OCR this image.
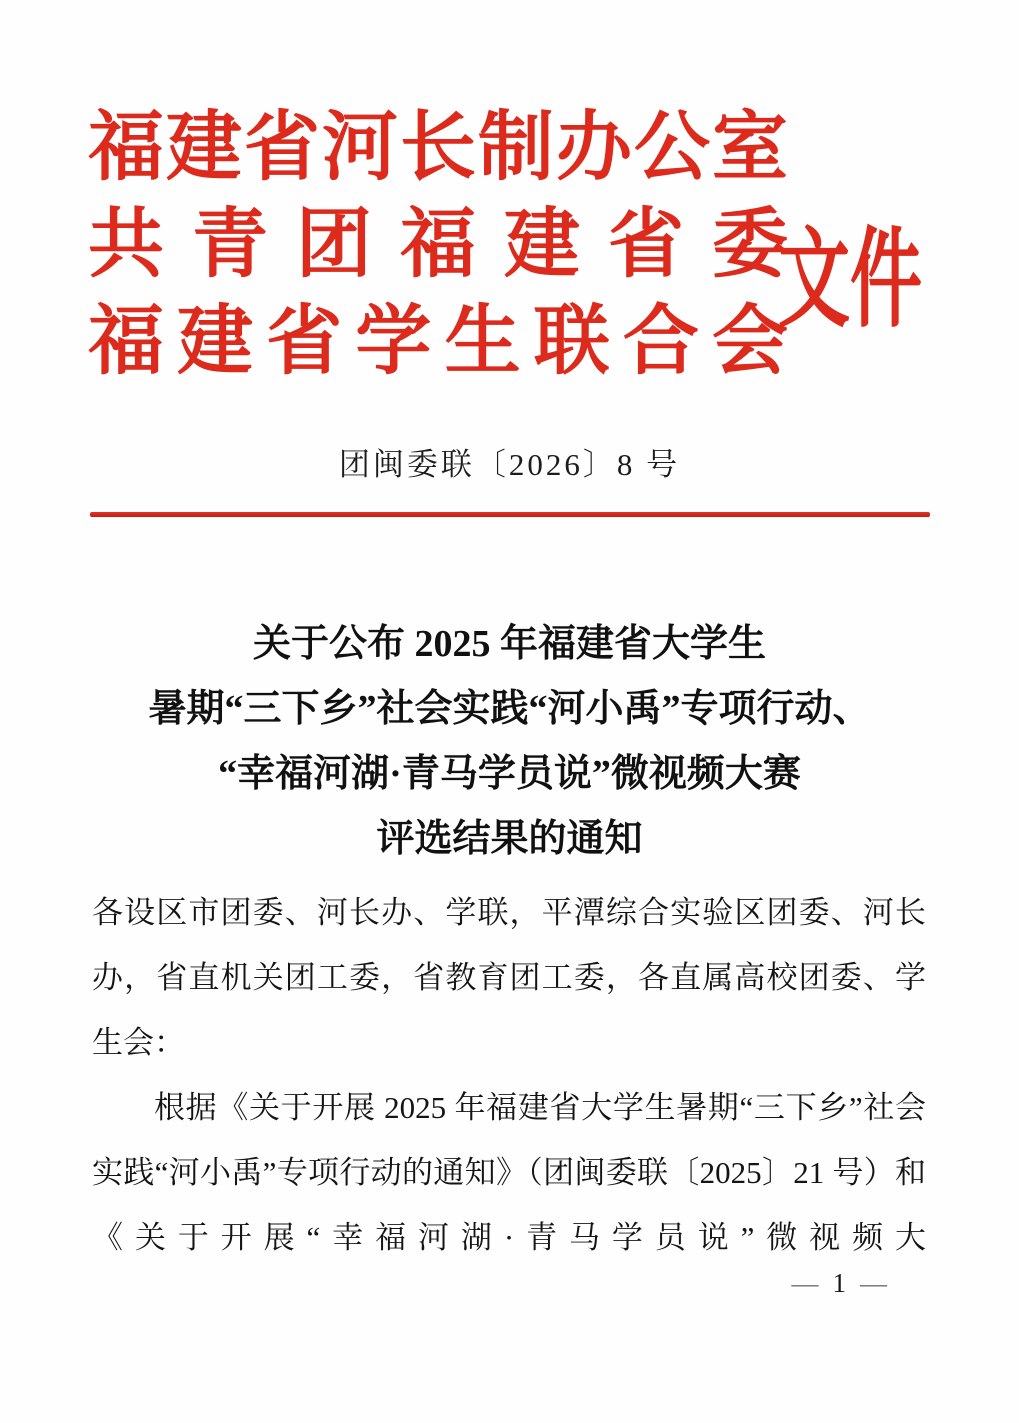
福建省河长制办公室
共青团福建省委
福建省学生联合会
文件
团闽委联〔2026〕8 号
关于公布 2025 年福建省大学生
暑期“三下乡”社会实践“河小禹”专项行动、
“幸福河湖·青马学员说”微视频大赛
评选结果的通知

各设区市团委、河长办、学联，平潭综合实验区团委、河长办，省直机关团工委，省教育团工委，各直属高校团委、学生会：

根据《关于开展 2025 年福建省大学生暑期“三下乡”社会实践“河小禹”专项行动的通知》（团闽委联〔2025〕21 号）和《关于开展“幸福河湖·青马学员说”微视频大

— 1 —
